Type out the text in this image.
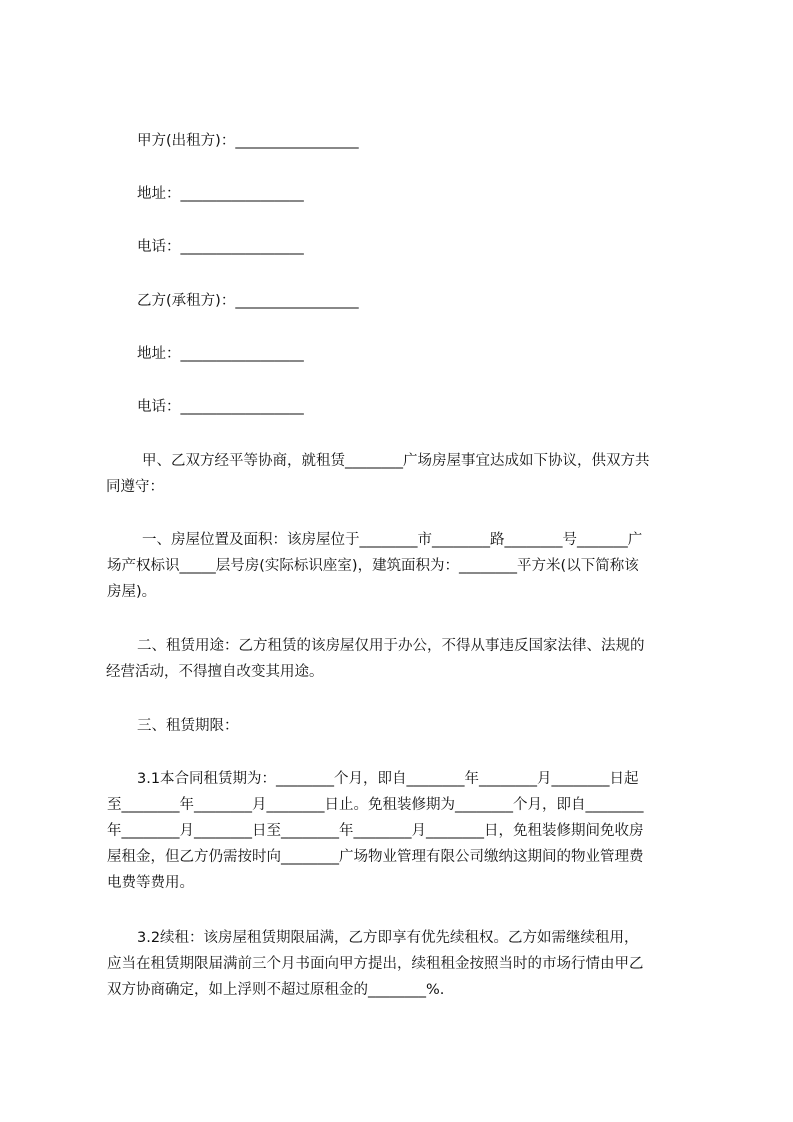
甲方(出租方)：_________________
地址：_________________
电话：_________________
乙方(承租方)：_________________
地址：_________________
电话：_________________
甲、乙双方经平等协商，就租赁________广场房屋事宜达成如下协议，供双方共
同遵守：
一、房屋位置及面积：该房屋位于________市________路________号_______广
场产权标识_____层号房(实际标识座室)，建筑面积为：________平方米(以下简称该
房屋)。
二、租赁用途：乙方租赁的该房屋仅用于办公，不得从事违反国家法律、法规的
经营活动，不得擅自改变其用途。
三、租赁期限：
3.1本合同租赁期为：________个月，即自________年________月________日起
至________年________月________日止。免租装修期为________个月，即自________
年________月________日至________年________月________日，免租装修期间免收房
屋租金，但乙方仍需按时向________广场物业管理有限公司缴纳这期间的物业管理费
电费等费用。
3.2续租：该房屋租赁期限届满，乙方即享有优先续租权。乙方如需继续租用，
应当在租赁期限届满前三个月书面向甲方提出，续租租金按照当时的市场行情由甲乙
双方协商确定，如上浮则不超过原租金的________%.
